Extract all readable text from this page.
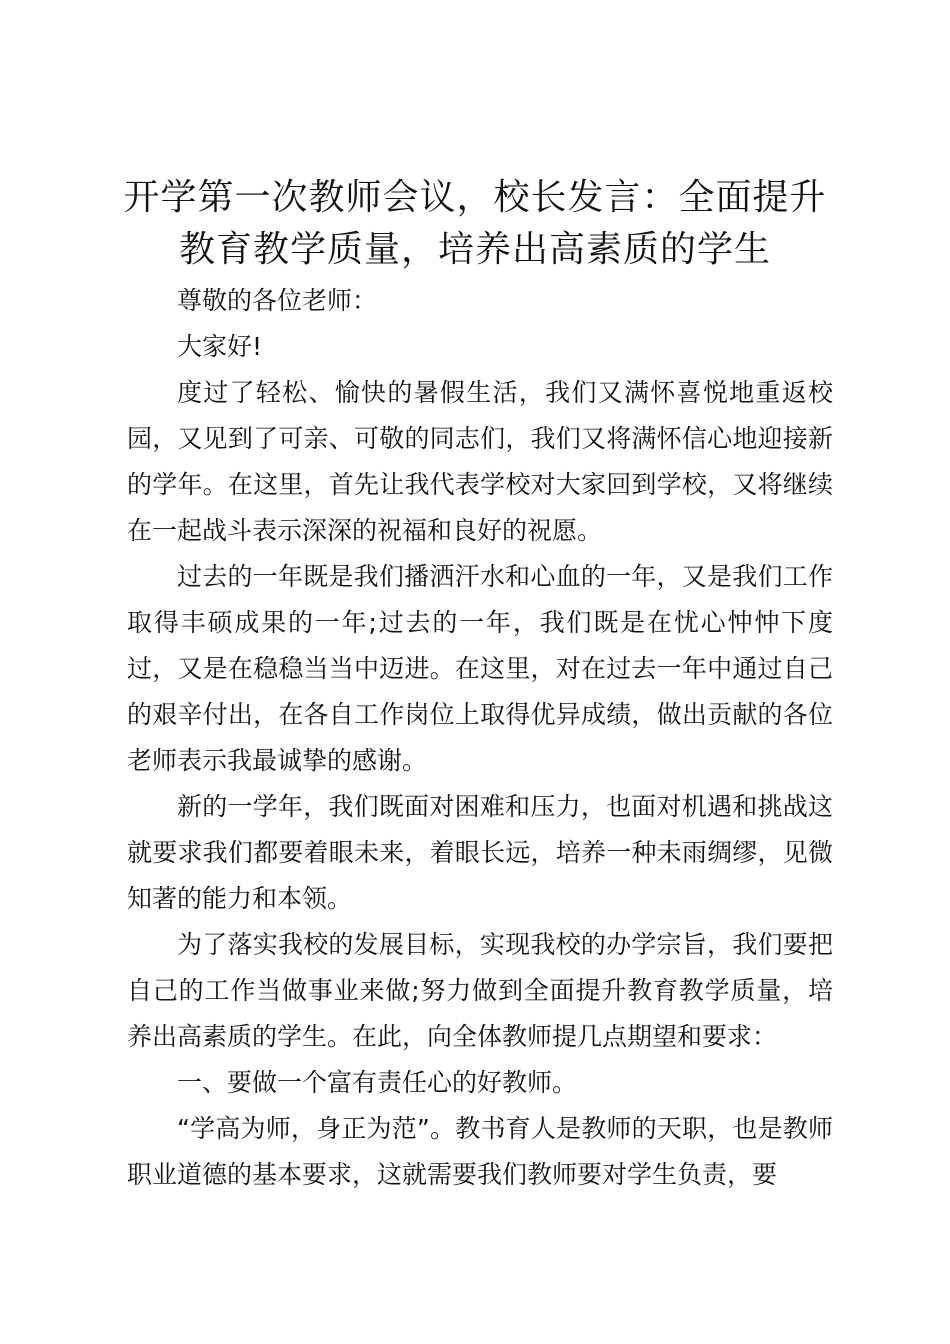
开学第一次教师会议，校长发言：全面提升教育教学质量，培养出高素质的学生

尊敬的各位老师：

大家好!

度过了轻松、愉快的暑假生活，我们又满怀喜悦地重返校园，又见到了可亲、可敬的同志们，我们又将满怀信心地迎接新的学年。在这里，首先让我代表学校对大家回到学校，又将继续在一起战斗表示深深的祝福和良好的祝愿。

过去的一年既是我们播洒汗水和心血的一年，又是我们工作取得丰硕成果的一年;过去的一年，我们既是在忧心忡忡下度过，又是在稳稳当当中迈进。在这里，对在过去一年中通过自己的艰辛付出，在各自工作岗位上取得优异成绩，做出贡献的各位老师表示我最诚挚的感谢。

新的一学年，我们既面对困难和压力，也面对机遇和挑战这就要求我们都要着眼未来，着眼长远，培养一种未雨绸缪，见微知著的能力和本领。

为了落实我校的发展目标，实现我校的办学宗旨，我们要把自己的工作当做事业来做;努力做到全面提升教育教学质量，培养出高素质的学生。在此，向全体教师提几点期望和要求：

一、要做一个富有责任心的好教师。

“学高为师，身正为范”。教书育人是教师的天职，也是教师职业道德的基本要求，这就需要我们教师要对学生负责，要
